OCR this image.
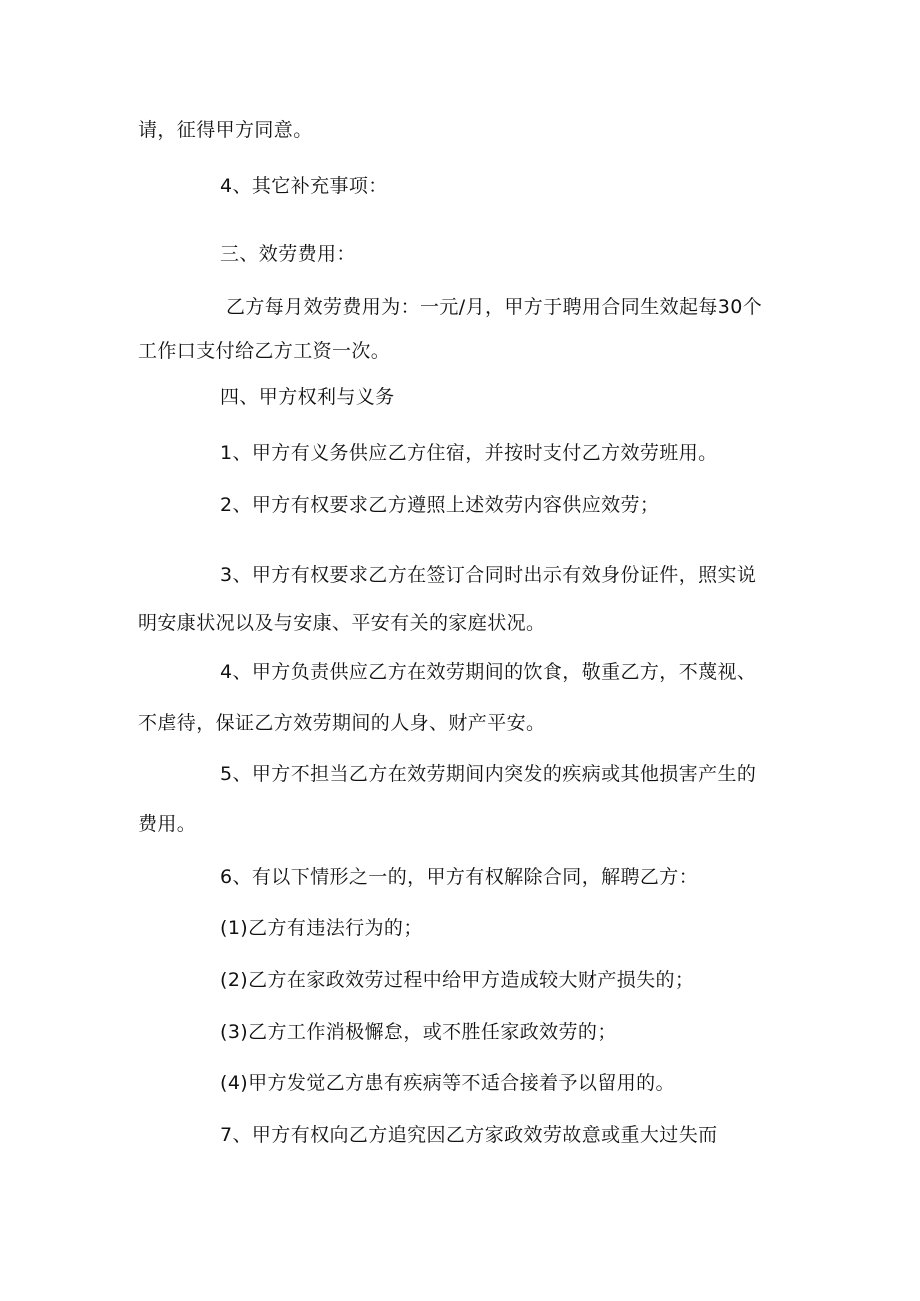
请，征得甲方同意。
4、其它补充事项：
三、效劳费用：
乙方每月效劳费用为：一元/月，甲方于聘用合同生效起每30个
工作口支付给乙方工资一次。
四、甲方权利与义务
1、甲方有义务供应乙方住宿，并按时支付乙方效劳班用。
2、甲方有权要求乙方遵照上述效劳内容供应效劳；
3、甲方有权要求乙方在签订合同时出示有效身份证件，照实说
明安康状况以及与安康、平安有关的家庭状况。
4、甲方负责供应乙方在效劳期间的饮食，敬重乙方，不蔑视、
不虐待，保证乙方效劳期间的人身、财产平安。
5、甲方不担当乙方在效劳期间内突发的疾病或其他损害产生的
费用。
6、有以下情形之一的，甲方有权解除合同，解聘乙方：
(1)乙方有违法行为的；
(2)乙方在家政效劳过程中给甲方造成较大财产损失的；
(3)乙方工作消极懈怠，或不胜任家政效劳的；
(4)甲方发觉乙方患有疾病等不适合接着予以留用的。
7、甲方有权向乙方追究因乙方家政效劳故意或重大过失而
